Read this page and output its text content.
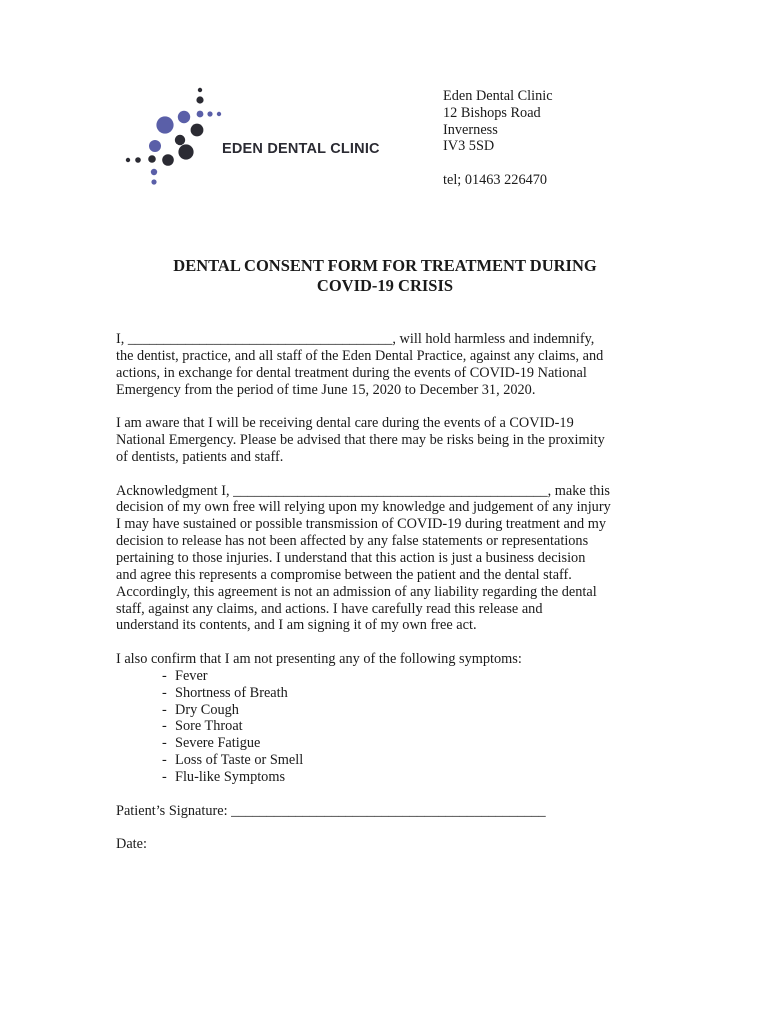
EDEN DENTAL CLINIC
Eden Dental Clinic
12 Bishops Road
Inverness
IV3 5SD
tel; 01463 226470
DENTAL CONSENT FORM FOR TREATMENT DURING
COVID-19 CRISIS
I, _____________________________________, will hold harmless and indemnify,
the dentist, practice, and all staff of the Eden Dental Practice, against any claims, and
actions, in exchange for dental treatment during the events of COVID-19 National
Emergency from the period of time June 15, 2020 to December 31, 2020.
I am aware that I will be receiving dental care during the events of a COVID-19
National Emergency. Please be advised that there may be risks being in the proximity
of dentists, patients and staff.
Acknowledgment I, ____________________________________________, make this
decision of my own free will relying upon my knowledge and judgement of any injury
I may have sustained or possible transmission of COVID-19 during treatment and my
decision to release has not been affected by any false statements or representations
pertaining to those injuries. I understand that this action is just a business decision
and agree this represents a compromise between the patient and the dental staff.
Accordingly, this agreement is not an admission of any liability regarding the dental
staff, against any claims, and actions. I have carefully read this release and
understand its contents, and I am signing it of my own free act.
I also confirm that I am not presenting any of the following symptoms:
- Fever
- Shortness of Breath
- Dry Cough
- Sore Throat
- Severe Fatigue
- Loss of Taste or Smell
- Flu-like Symptoms
Patient’s Signature: ____________________________________________
Date:
